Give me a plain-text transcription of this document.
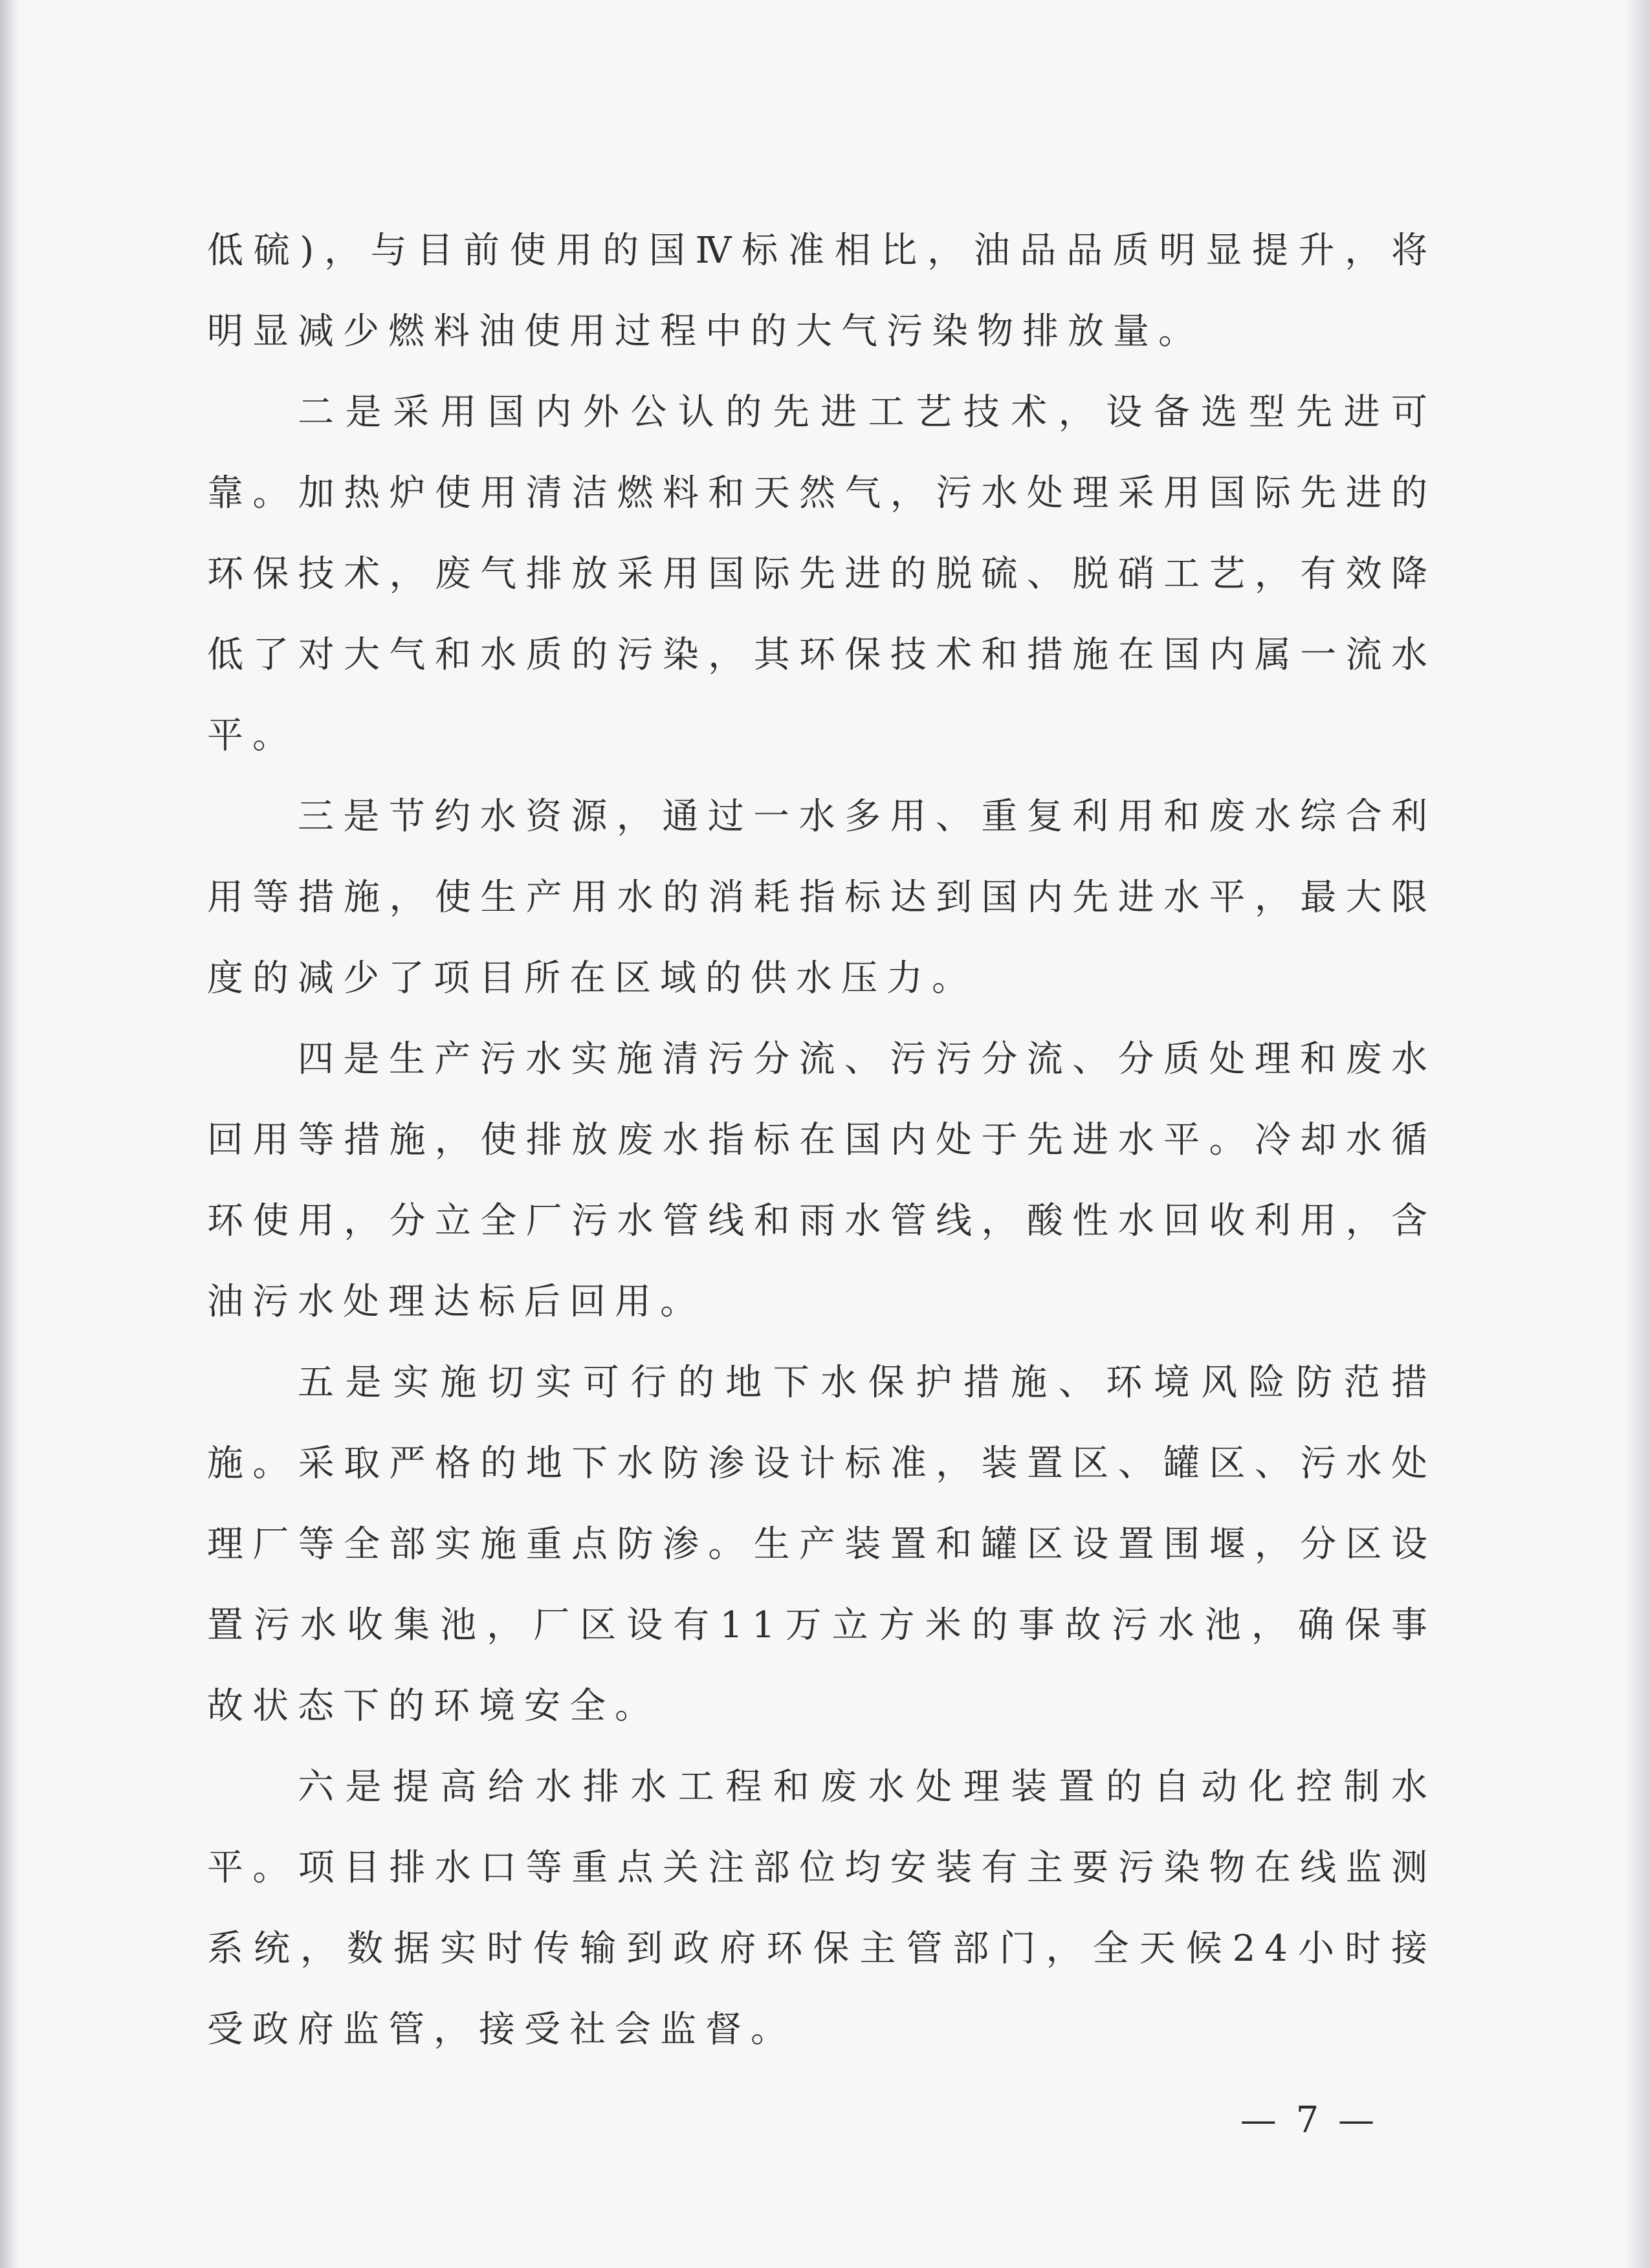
低硫)，与目前使用的国Ⅳ标准相比，油品品质明显提升，将明显减少燃料油使用过程中的大气污染物排放量。

二是采用国内外公认的先进工艺技术，设备选型先进可靠。加热炉使用清洁燃料和天然气，污水处理采用国际先进的环保技术，废气排放采用国际先进的脱硫、脱硝工艺，有效降低了对大气和水质的污染，其环保技术和措施在国内属一流水平。

三是节约水资源，通过一水多用、重复利用和废水综合利用等措施，使生产用水的消耗指标达到国内先进水平，最大限度的减少了项目所在区域的供水压力。

四是生产污水实施清污分流、污污分流、分质处理和废水回用等措施，使排放废水指标在国内处于先进水平。冷却水循环使用，分立全厂污水管线和雨水管线，酸性水回收利用，含油污水处理达标后回用。

五是实施切实可行的地下水保护措施、环境风险防范措施。采取严格的地下水防渗设计标准，装置区、罐区、污水处理厂等全部实施重点防渗。生产装置和罐区设置围堰，分区设置污水收集池，厂区设有11万立方米的事故污水池，确保事故状态下的环境安全。

六是提高给水排水工程和废水处理装置的自动化控制水平。项目排水口等重点关注部位均安装有主要污染物在线监测系统，数据实时传输到政府环保主管部门，全天候24小时接受政府监管，接受社会监督。

— 7 —
